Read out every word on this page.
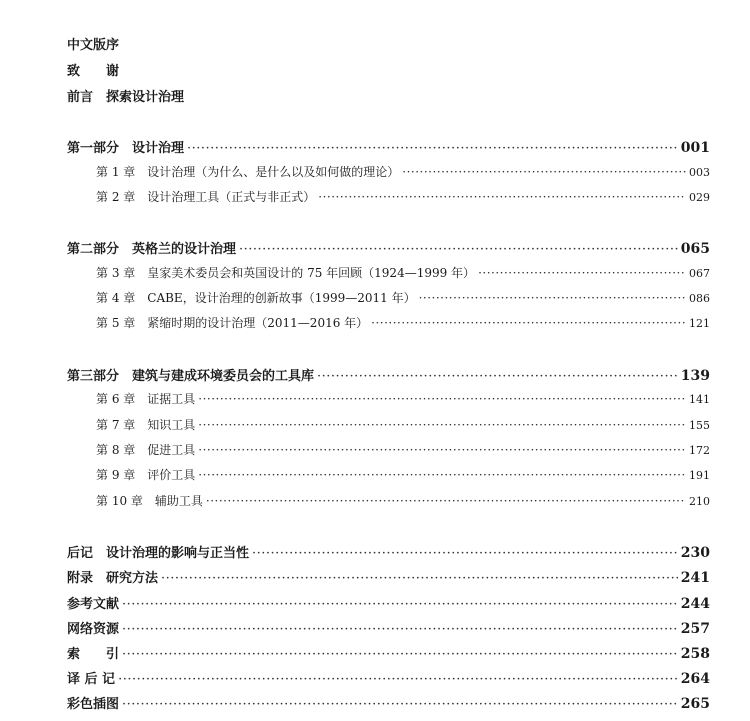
中文版序
致　　谢
前言　探索设计治理
第一部分　设计治理 ·····	001
第 1 章　设计治理（为什么、是什么以及如何做的理论） ·····	003
第 2 章　设计治理工具（正式与非正式） ·····	029
第二部分　英格兰的设计治理 ·····	065
第 3 章　皇家美术委员会和英国设计的 75 年回顾（1924—1999 年） ·····	067
第 4 章　CABE，设计治理的创新故事（1999—2011 年） ·····	086
第 5 章　紧缩时期的设计治理（2011—2016 年） ·····	121
第三部分　建筑与建成环境委员会的工具库 ·····	139
第 6 章　证据工具 ·····	141
第 7 章　知识工具 ·····	155
第 8 章　促进工具 ·····	172
第 9 章　评价工具 ·····	191
第 10 章　辅助工具 ·····	210
后记　设计治理的影响与正当性 ·····	230
附录　研究方法 ·····	241
参考文献 ·····	244
网络资源 ·····	257
索　　引 ·····	258
译 后 记 ·····	264
彩色插图 ·····	265
